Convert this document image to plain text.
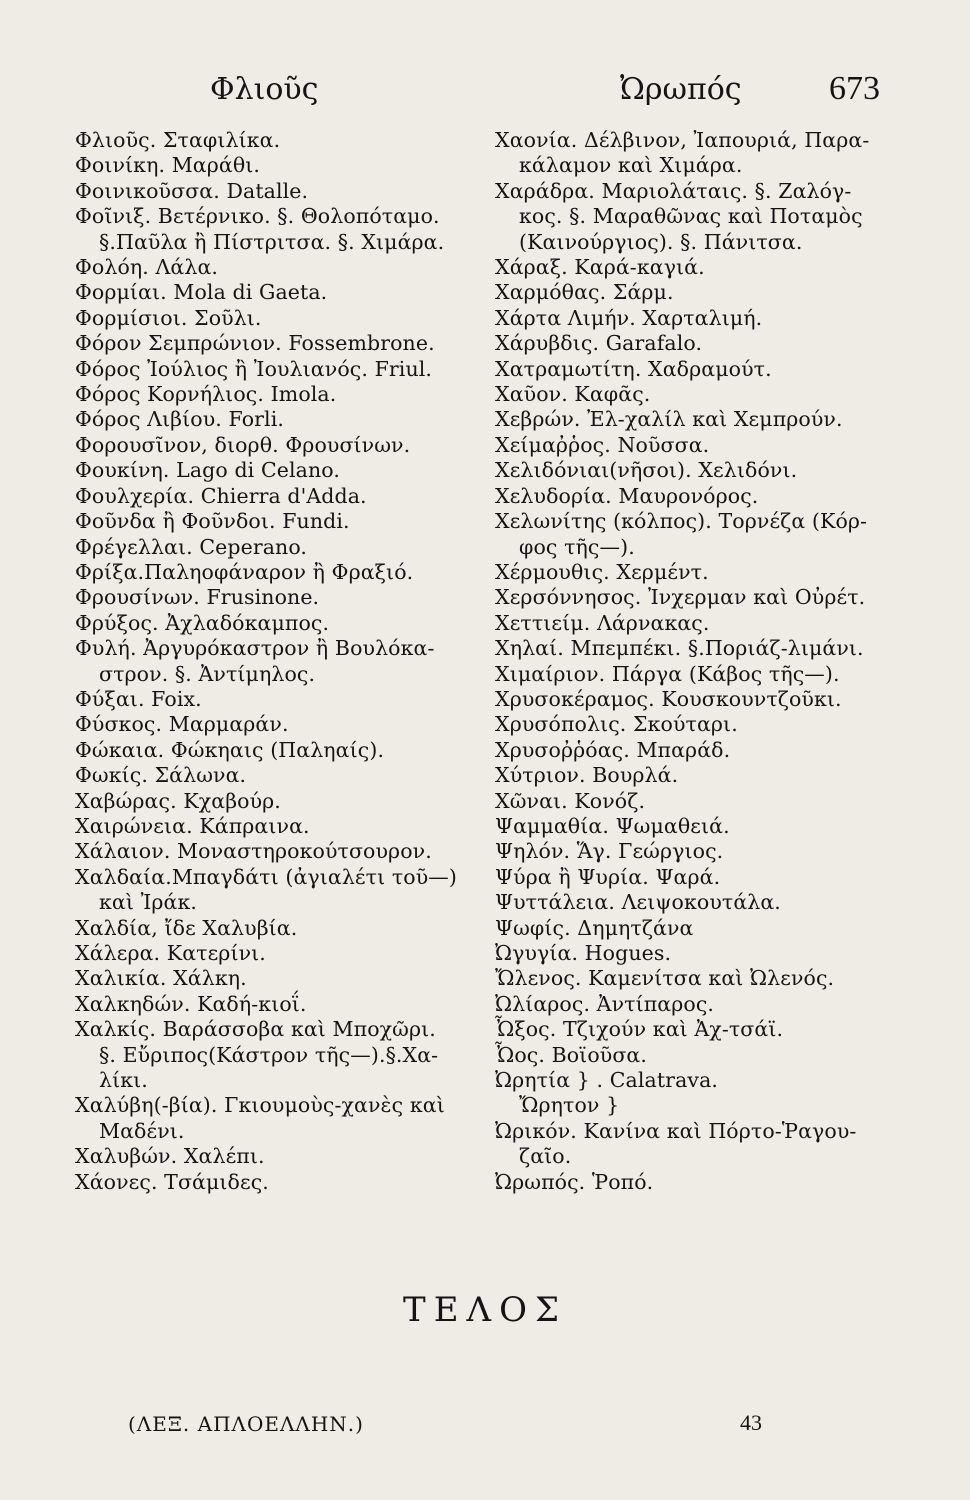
Φλιοῦς	Ὠρωπός	673
Φλιοῦς. Σταφιλίκα.
Φοινίκη. Μαράθι.
Φοινικοῦσσα. Datalle.
Φοῖνιξ. Βετέρνικο. §. Θολοπόταμο.
§.Παῦλα ἢ Πίστριτσα. §. Χιμάρα.
Φολόη. Λάλα.
Φορμίαι. Mola di Gaeta.
Φορμίσιοι. Σοῦλι.
Φόρον Σεμπρώνιον. Fossembrone.
Φόρος Ἰούλιος ἢ Ἰουλιανός. Friul.
Φόρος Κορνήλιος. Imola.
Φόρος Λιβίου. Forli.
Φορουσῖνον, διορθ. Φρουσίνων.
Φουκίνη. Lago di Celano.
Φουλχερία. Chierra d'Adda.
Φοῦνδα ἢ Φοῦνδοι. Fundi.
Φρέγελλαι. Ceperano.
Φρίξα.Παληοφάναρον ἢ Φραξιό.
Φρουσίνων. Frusinone.
Φρύξος. Ἀχλαδόκαμπος.
Φυλή. Ἀργυρόκαστρον ἢ Βουλόκα-
στρον. §. Ἀντίμηλος.
Φύξαι. Foix.
Φύσκος. Μαρμαράν.
Φώκαια. Φώκηαις (Παληαίς).
Φωκίς. Σάλωνα.
Χαβώρας. Κχαβούρ.
Χαιρώνεια. Κάπραινα.
Χάλαιον. Μοναστηροκούτσουρον.
Χαλδαία.Μπαγδάτι (ἀγιαλέτι τοῦ—)
καὶ Ἰράκ.
Χαλδία, ἴδε Χαλυβία.
Χάλερα. Κατερίνι.
Χαλικία. Χάλκη.
Χαλκηδών. Καδή-κιοΐ.
Χαλκίς. Βαράσσοβα καὶ Μποχῶρι.
§. Εὔριπος(Κάστρον τῆς—).§.Χα-
λίκι.
Χαλύβη(-βία). Γκιουμοὺς-χανὲς καὶ
Μαδένι.
Χαλυβών. Χαλέπι.
Χάονες. Τσάμιδες.
Χαονία. Δέλβινον, Ἰαπουριά, Παρα-
κάλαμον καὶ Χιμάρα.
Χαράδρα. Μαριολάταις. §. Ζαλόγ-
κος. §. Μαραθῶνας καὶ Ποταμὸς
(Καινούργιος). §. Πάνιτσα.
Χάραξ. Καρά-καγιά.
Χαρμόθας. Σάρμ.
Χάρτα Λιμήν. Χαρταλιμή.
Χάρυβδις. Garafalo.
Χατραμωτίτη. Χαδραμούτ.
Χαῦον. Καφᾶς.
Χεβρών. Ἐλ-χαλίλ καὶ Χεμπρούν.
Χείμαῤῥος. Νοῦσσα.
Χελιδόνιαι(νῆσοι). Χελιδόνι.
Χελυδορία. Μαυρονόρος.
Χελωνίτης (κόλπος). Τορνέζα (Κόρ-
φος τῆς—).
Χέρμουθις. Χερμέντ.
Χερσόννησος. Ἰνχερμαν καὶ Οὐρέτ.
Χεττιείμ. Λάρνακας.
Χηλαί. Μπεμπέκι. §.Ποριάζ-λιμάνι.
Χιμαίριον. Πάργα (Κάβος τῆς—).
Χρυσοκέραμος. Κουσκουντζοῦκι.
Χρυσόπολις. Σκούταρι.
Χρυσοῤῥόας. Μπαράδ.
Χύτριον. Βουρλά.
Χῶναι. Κονόζ.
Ψαμμαθία. Ψωμαθειά.
Ψηλόν. Ἅγ. Γεώργιος.
Ψύρα ἢ Ψυρία. Ψαρά.
Ψυττάλεια. Λειψοκουτάλα.
Ψωφίς. Δημητζάνα
Ὠγυγία. Hogues.
Ὤλενος. Καμενίτσα καὶ Ὠλενός.
Ὠλίαρος. Ἀντίπαρος.
Ὦξος. Τζιχούν καὶ Ἀχ-τσάϊ.
Ὦος. Βοϊοῦσα.
Ὠρητία } . Calatrava.
Ὤρητον }
Ὠρικόν. Κανίνα καὶ Πόρτο-Ῥαγου-
ζαῖο.
Ὠρωπός. Ῥοπό.
ΤΕΛΟΣ
(ΛΕΞ. ΑΠΛΟΕΛΛΗΝ.)	43
